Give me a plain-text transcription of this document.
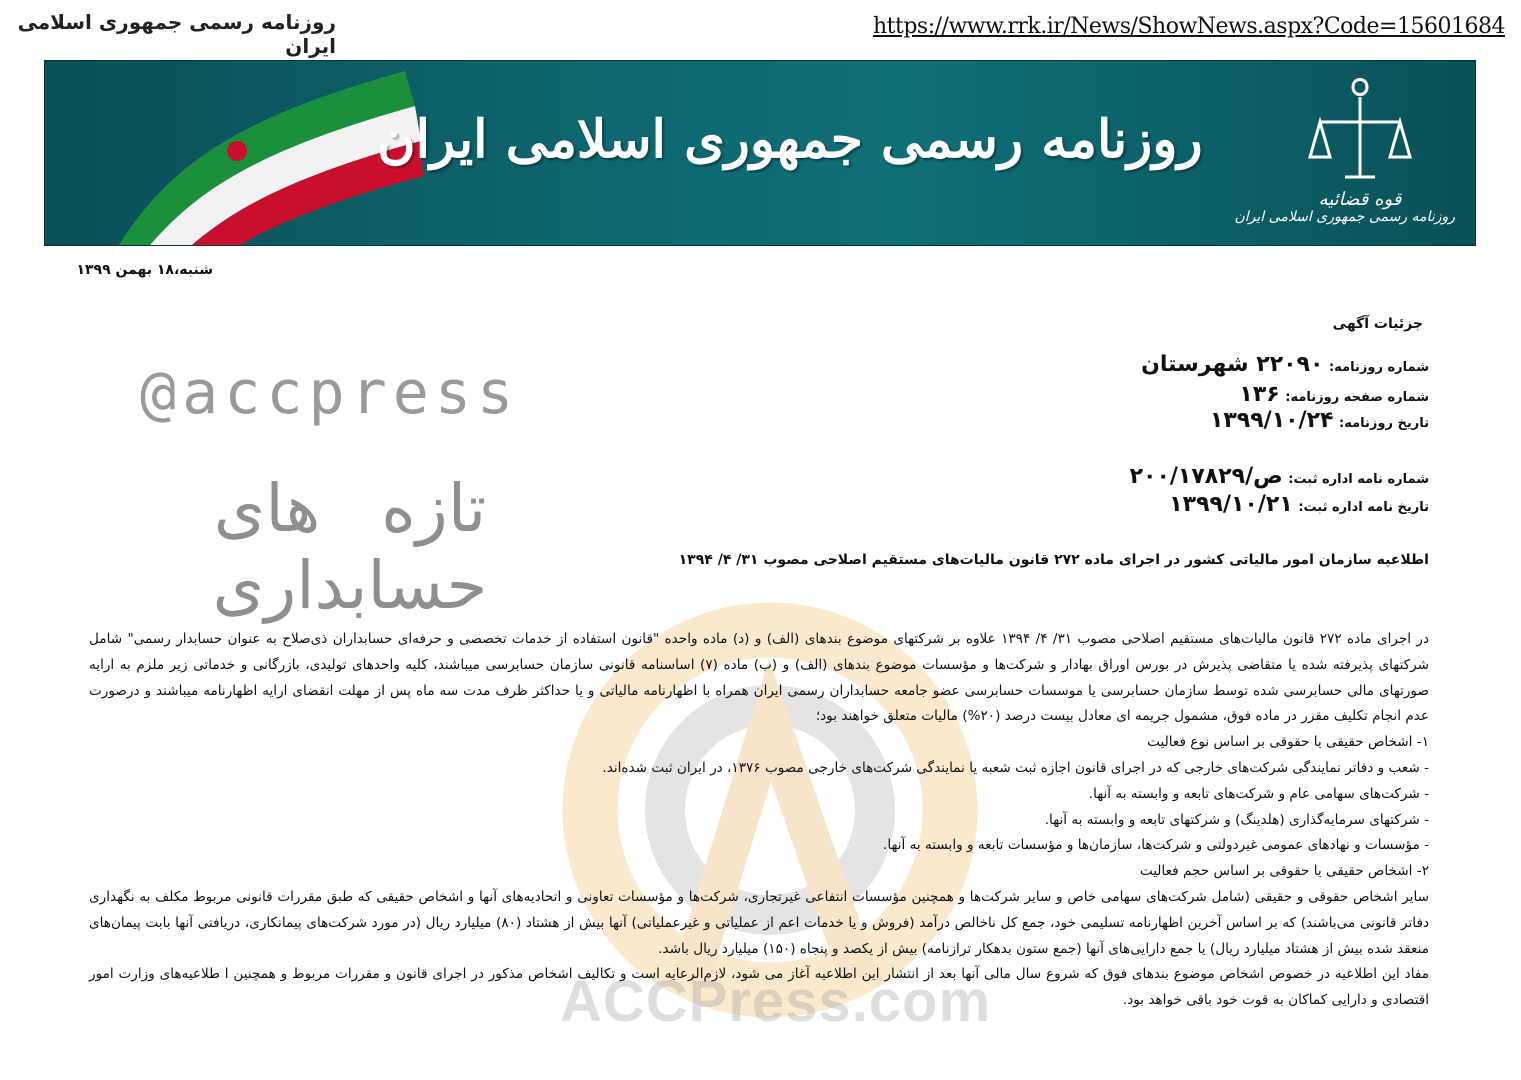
روزنامه رسمی جمهوری اسلامی ایران
https://www.rrk.ir/News/ShowNews.aspx?Code=15601684
روزنامه رسمی جمهوری اسلامی ایران
قوه قضائیه
روزنامه رسمی جمهوری اسلامی ایران
شنبه،۱۸ بهمن ۱۳۹۹
@accpress
تازه های حسابداری
ACCPress.com
جزئیات آگهی
شماره روزنامه: ۲۲۰۹۰ شهرستان
شماره صفحه روزنامه: ۱۳۶
تاریخ روزنامه: ۱۳۹۹/۱۰/۲۴
شماره نامه اداره ثبت: ص/۲۰۰/۱۷۸۲۹
تاریخ نامه اداره ثبت: ۱۳۹۹/۱۰/۲۱
اطلاعیه سازمان امور مالیاتی کشور در اجرای ماده ۲۷۲ قانون مالیات‌های مستقیم اصلاحی مصوب ۳۱/ ۴/ ۱۳۹۴

در اجرای ماده ۲۷۲ قانون مالیات‌های مستقیم اصلاحی مصوب ۳۱/ ۴/ ۱۳۹۴ علاوه بر شرکتهای موضوع بندهای (الف) و (د) ماده واحده "قانون استفاده از خدمات تخصصی و حرفه‌ای حسابداران ذی‌صلاح به عنوان حسابدار رسمی" شامل شرکتهای پذیرفته شده یا متقاضی پذیرش در بورس اوراق بهادار و شرکت‌ها و مؤسسات موضوع بندهای (الف) و (ب) ماده (۷) اساسنامه قانونی سازمان حسابرسی میباشند، کلیه واحدهای تولیدی، بازرگانی و خدماتی زیر ملزم به ارایه صورتهای مالی حسابرسی شده توسط سازمان حسابرسی یا موسسات حسابرسی عضو جامعه حسابداران رسمی ایران همراه با اظهارنامه مالیاتی و یا حداکثر ظرف مدت سه ماه پس از مهلت انقضای ارایه اظهارنامه میباشند و درصورت عدم انجام تکلیف مقرر در ماده فوق، مشمول جریمه ای معادل بیست درصد (۲۰%) مالیات متعلق خواهند بود؛

۱- اشخاص حقیقی یا حقوقی بر اساس نوع فعالیت

- شعب و دفاتر نمایندگی شرکت‌های خارجی که در اجرای قانون اجازه ثبت شعبه یا نمایندگی شرکت‌های خارجی مصوب ۱۳۷۶، در ایران ثبت شده‌اند.

- شرکت‌های سهامی عام و شرکت‌های تابعه و وابسته به آنها.

- شرکتهای سرمایه‌گذاری (هلدینگ) و شرکتهای تابعه و وابسته به آنها.

- مؤسسات و نهادهای عمومی غیردولتی و شرکت‌ها، سازمان‌ها و مؤسسات تابعه و وابسته به آنها.

۲- اشخاص حقیقی یا حقوقی بر اساس حجم فعالیت

سایر اشخاص حقوقی و حقیقی (شامل شرکت‌های سهامی خاص و سایر شرکت‌ها و همچنین مؤسسات انتفاعی غیرتجاری، شرکت‌ها و مؤسسات تعاونی و اتحادیه‌های آنها و اشخاص حقیقی که طبق مقررات قانونی مربوط مکلف به نگهداری دفاتر قانونی می‌باشند) که بر اساس آخرین اظهارنامه تسلیمی خود، جمع کل ناخالص درآمد (فروش و یا خدمات اعم از عملیاتی و غیرعملیاتی) آنها بیش از هشتاد (۸۰) میلیارد ریال (در مورد شرکت‌های پیمانکاری، دریافتی آنها بابت پیمان‌های منعقد شده بیش از هشتاد میلیارد ریال) یا جمع دارایی‌های آنها (جمع ستون بدهکار ترازنامه) بیش از یکصد و پنجاه (۱۵۰) میلیارد ریال باشد.

مفاد این اطلاعیه در خصوص اشخاص موضوع بندهای فوق که شروع سال مالی آنها بعد از انتشار این اطلاعیه آغاز می شود، لازم‌الرعایه است و تکالیف اشخاص مذکور در اجرای قانون و مقررات مربوط و همچنین ا طلاعیه‌های وزارت امور اقتصادی و دارایی کماکان به قوت خود باقی خواهد بود.
